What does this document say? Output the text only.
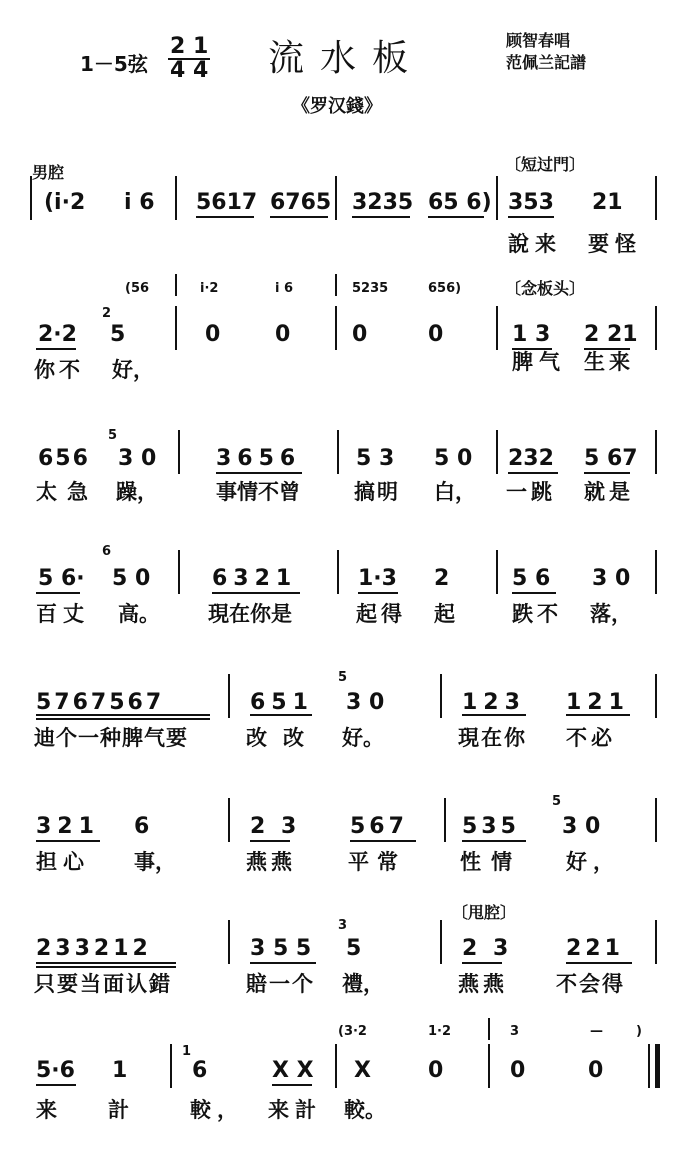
1－5弦 $\frac{2 1}{4 4}$ 流水板	顾智春唱
范佩兰記譜
《罗汉錢》
男腔	〔短过門〕
(i·2 i 6 5617 6765 3235 65 6) 353 21
說来 要怪
(56	i·2	i 6	5235	656)	〔念板头〕
2·2
2
5	0 0	0	0	1 3 2 21
你不 好，	脾气 生来
656
5
3 0	3656 5 3 5 0 232 5 67
太急 躁，	事情不曾	搞明 白， 一跳 就是
5 6·
6
5 0	6321	1·3 2	5 6 3 0
百丈 高。 現在你是	起得 起	跌不 落，
5767567	651
5
3 0	123 121
迪个一种脾气要	改改 好。	現在你 不必
321 6	2 3 567 535
5
3 0
担心 事，	燕燕 平常	性情 好，
〔甩腔〕
233212	3 5 5
3
5	2 3 221
只要当面认錯	賠一个 禮，	燕燕 不会得
(3·2	1·2	3	—	)
5·6 1
1
6	X X X	0	0	0
来 計	較， 来計 較。
